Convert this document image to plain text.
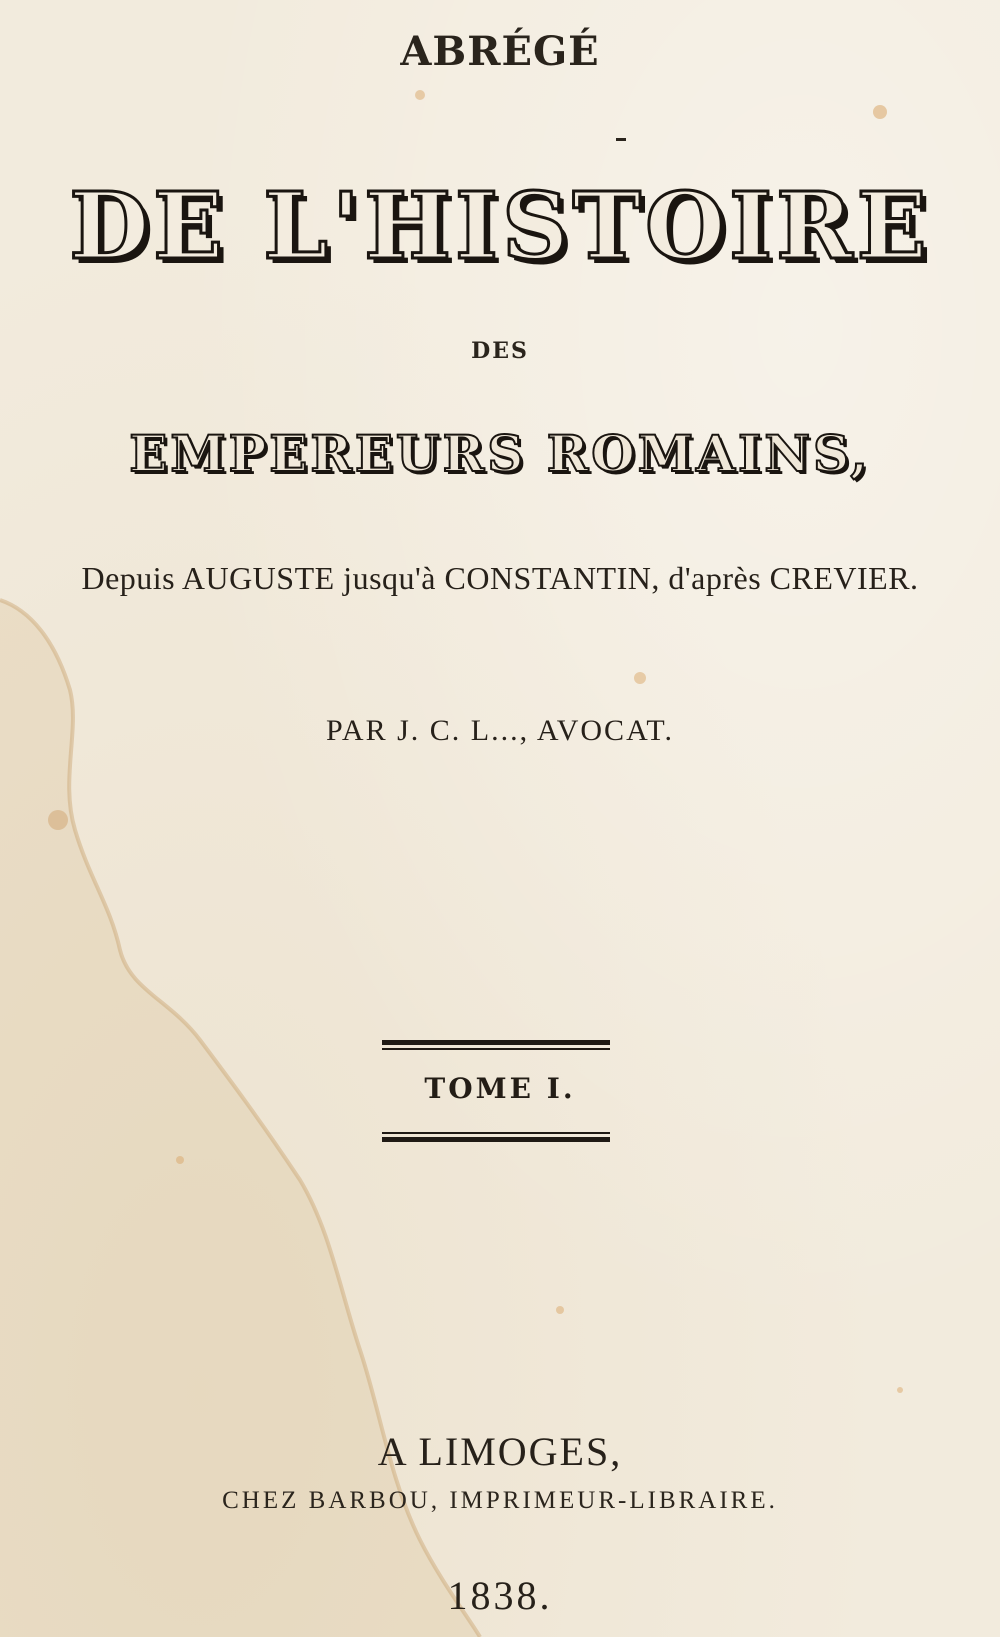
ABRÉGÉ
DE L'HISTOIRE
DES
EMPEREURS ROMAINS,
Depuis AUGUSTE jusqu'à CONSTANTIN, d'après CREVIER.
PAR J. C. L..., AVOCAT.
TOME I.
A LIMOGES,
CHEZ BARBOU, IMPRIMEUR-LIBRAIRE.
1838.
